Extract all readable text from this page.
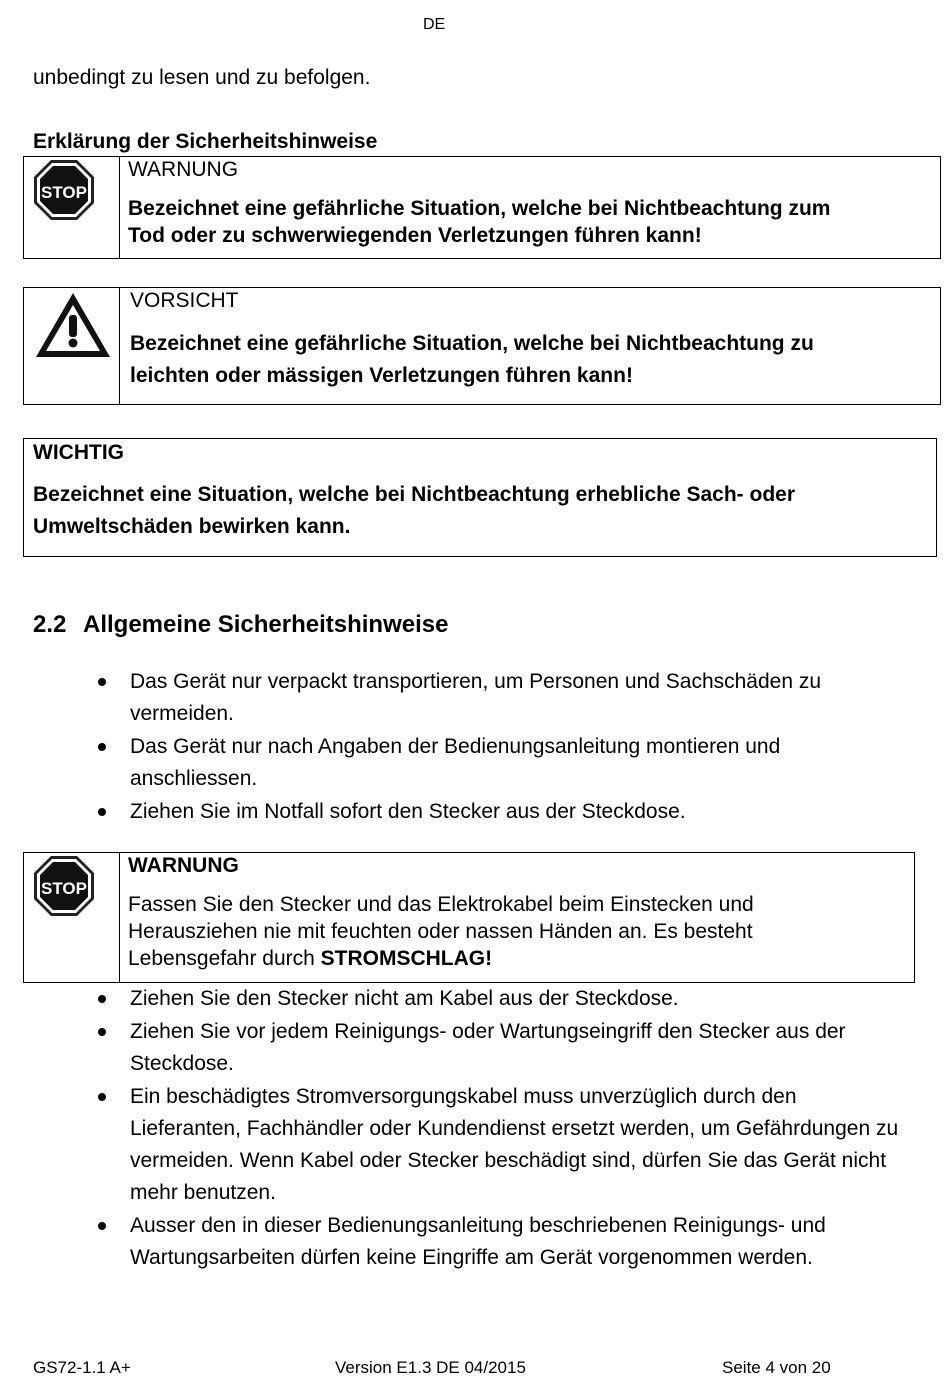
DE
unbedingt zu lesen und zu befolgen.
Erklärung der Sicherheitshinweise
STOP
WARNUNG
Bezeichnet eine gefährliche Situation, welche bei Nichtbeachtung zum
Tod oder zu schwerwiegenden Verletzungen führen kann!
VORSICHT
Bezeichnet eine gefährliche Situation, welche bei Nichtbeachtung zu
leichten oder mässigen Verletzungen führen kann!
WICHTIG
Bezeichnet eine Situation, welche bei Nichtbeachtung erhebliche Sach- oder
Umweltschäden bewirken kann.
2.2 Allgemeine Sicherheitshinweise
Das Gerät nur verpackt transportieren, um Personen und Sachschäden zu vermeiden.
Das Gerät nur nach Angaben der Bedienungsanleitung montieren und anschliessen.
Ziehen Sie im Notfall sofort den Stecker aus der Steckdose.
STOP
WARNUNG
Fassen Sie den Stecker und das Elektrokabel beim Einstecken und
Herausziehen nie mit feuchten oder nassen Händen an. Es besteht
Lebensgefahr durch STROMSCHLAG!
Ziehen Sie den Stecker nicht am Kabel aus der Steckdose.
Ziehen Sie vor jedem Reinigungs- oder Wartungseingriff den Stecker aus der Steckdose.
Ein beschädigtes Stromversorgungskabel muss unverzüglich durch den Lieferanten, Fachhändler oder Kundendienst ersetzt werden, um Gefährdungen zu vermeiden. Wenn Kabel oder Stecker beschädigt sind, dürfen Sie das Gerät nicht mehr benutzen.
Ausser den in dieser Bedienungsanleitung beschriebenen Reinigungs- und Wartungsarbeiten dürfen keine Eingriffe am Gerät vorgenommen werden.
GS72-1.1 A+	Version E1.3 DE 04/2015	Seite 4 von 20
